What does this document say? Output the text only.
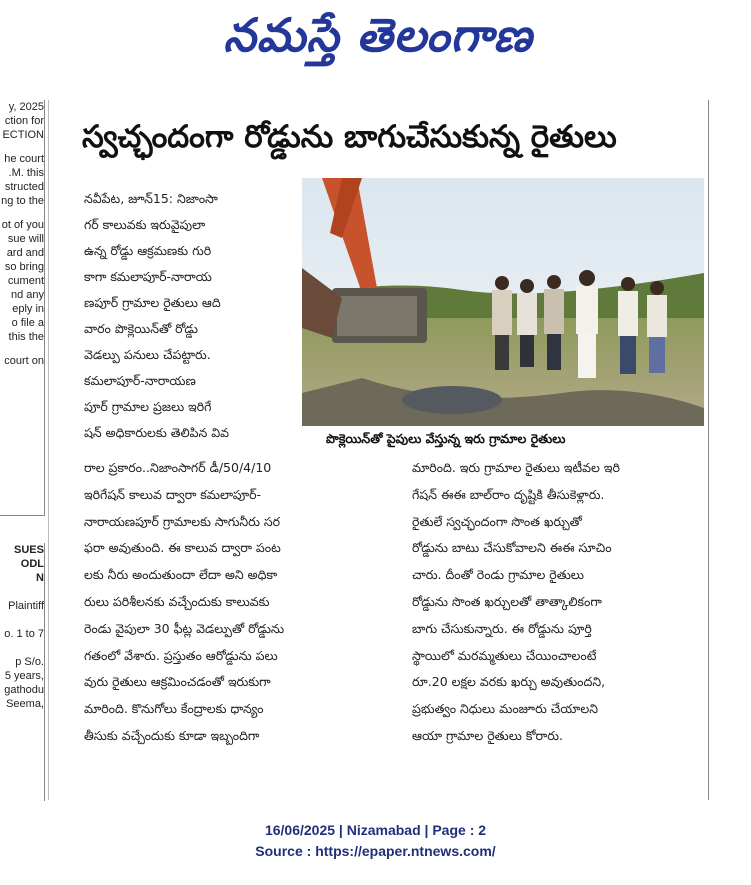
నమస్తే తెలంగాణ

y, 2025

ction for

ECTION

he court

.M. this

structed

ng to the

ot of you

sue will

ard and

so bring

cument

nd any

eply in

o file a

this the

court on

SUES

ODL

N

Plaintiff

o. 1 to 7

p S/o.

5 years,

gathodu

Seema,

స్వచ్ఛందంగా రోడ్డును బాగుచేసుకున్న రైతులు

నవీపేట, జూన్15: నిజాంసా

గర్ కాలువకు ఇరువైపులా

ఉన్న రోడ్డు ఆక్రమణకు గురి

కాగా కమలాపూర్-నారాయ

ణపూర్ గ్రామాల రైతులు ఆది

వారం పొక్లెయిన్‌తో రోడ్డు

వెడల్పు పనులు చేపట్టారు.

కమలాపూర్-నారాయణ

పూర్ గ్రామాల ప్రజలు ఇరిగే

షన్ అధికారులకు తెలిపిన వివ	పొక్లెయిన్‌తో పైపులు వేస్తున్న ఇరు గ్రామాల రైతులు

రాల ప్రకారం..నిజాంసాగర్ డీ/50/4/10

ఇరిగేషన్ కాలువ ద్వారా కమలాపూర్-

నారాయణపూర్ గ్రామాలకు సాగునీరు సర

ఫరా అవుతుంది. ఈ కాలువ ద్వారా పంట

లకు నీరు అందుతుందా లేదా అని అధికా

రులు పరిశీలనకు వచ్చేందుకు కాలువకు

రెండు వైపులా 30 ఫీట్ల వెడల్పుతో రోడ్డును

గతంలో వేశారు. ప్రస్తుతం ఆరోడ్డును పలు

వురు రైతులు ఆక్రమించడంతో ఇరుకుగా

మారింది. కొనుగోలు కేంద్రాలకు ధాన్యం

తీసుకు వచ్చేందుకు కూడా ఇబ్బందిగా

మారింది. ఇరు గ్రామాల రైతులు ఇటీవల ఇరి

గేషన్ ఈఈ బాల్‌రాం దృష్టికి తీసుకెళ్లారు.

రైతులే స్వచ్ఛందంగా సొంత ఖర్చుతో

రోడ్డును బాటు చేసుకోవాలని ఈఈ సూచిం

చారు. దీంతో రెండు గ్రామాల రైతులు

రోడ్డును సొంత ఖర్చులతో తాత్కాలికంగా

బాగు చేసుకున్నారు. ఈ రోడ్డును పూర్తి

స్థాయిలో మరమ్మతులు చేయించాలంటే

రూ.20 లక్షల వరకు ఖర్చు అవుతుందని,

ప్రభుత్వం నిధులు మంజూరు చేయాలని

ఆయా గ్రామాల రైతులు కోరారు.

16/06/2025 | Nizamabad | Page : 2
Source : https://epaper.ntnews.com/
